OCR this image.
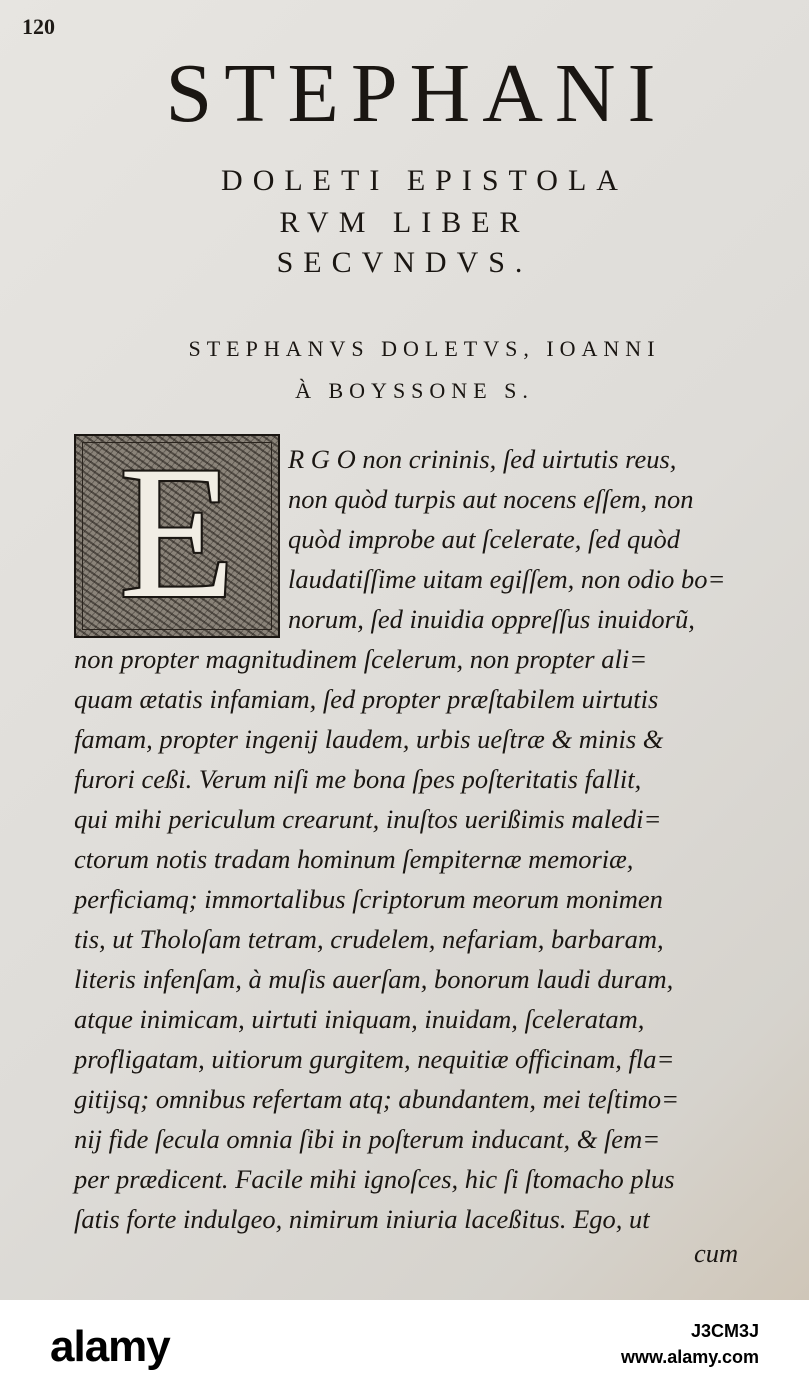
120
STEPHANI
DOLETI EPISTOLA
RVM LIBER
SECVNDVS.
STEPHANVS DOLETVS, IOANNI
À BOYSSONE S.
E R G O non crininis, ſed uirtutis reus,
non quòd turpis aut nocens eſſem, non
quòd improbe aut ſcelerate, ſed quòd
laudatiſſime uitam egiſſem, non odio bo=
norum, ſed inuidia oppreſſus inuidorũ,
non propter magnitudinem ſcelerum, non propter ali=
quam ætatis infamiam, ſed propter præſtabilem uirtutis
famam, propter ingenij laudem, urbis ueſtræ & minis &
furori ceßi. Verum niſi me bona ſpes poſteritatis fallit,
qui mihi periculum crearunt, inuſtos uerißimis maledi=
ctorum notis tradam hominum ſempiternæ memoriæ,
perficiamq; immortalibus ſcriptorum meorum monimen
tis, ut Tholoſam tetram, crudelem, nefariam, barbaram,
literis infenſam, à muſis auerſam, bonorum laudi duram,
atque inimicam, uirtuti iniquam, inuidam, ſceleratam,
profligatam, uitiorum gurgitem, nequitiæ officinam, fla=
gitijsq; omnibus refertam atq; abundantem, mei teſtimo=
nij fide ſecula omnia ſibi in poſterum inducant, & ſem=
per prædicent. Facile mihi ignoſces, hic ſi ſtomacho plus
ſatis forte indulgeo, nimirum iniuria laceßitus. Ego, ut
cum
alamy	J3CM3J
www.alamy.com
